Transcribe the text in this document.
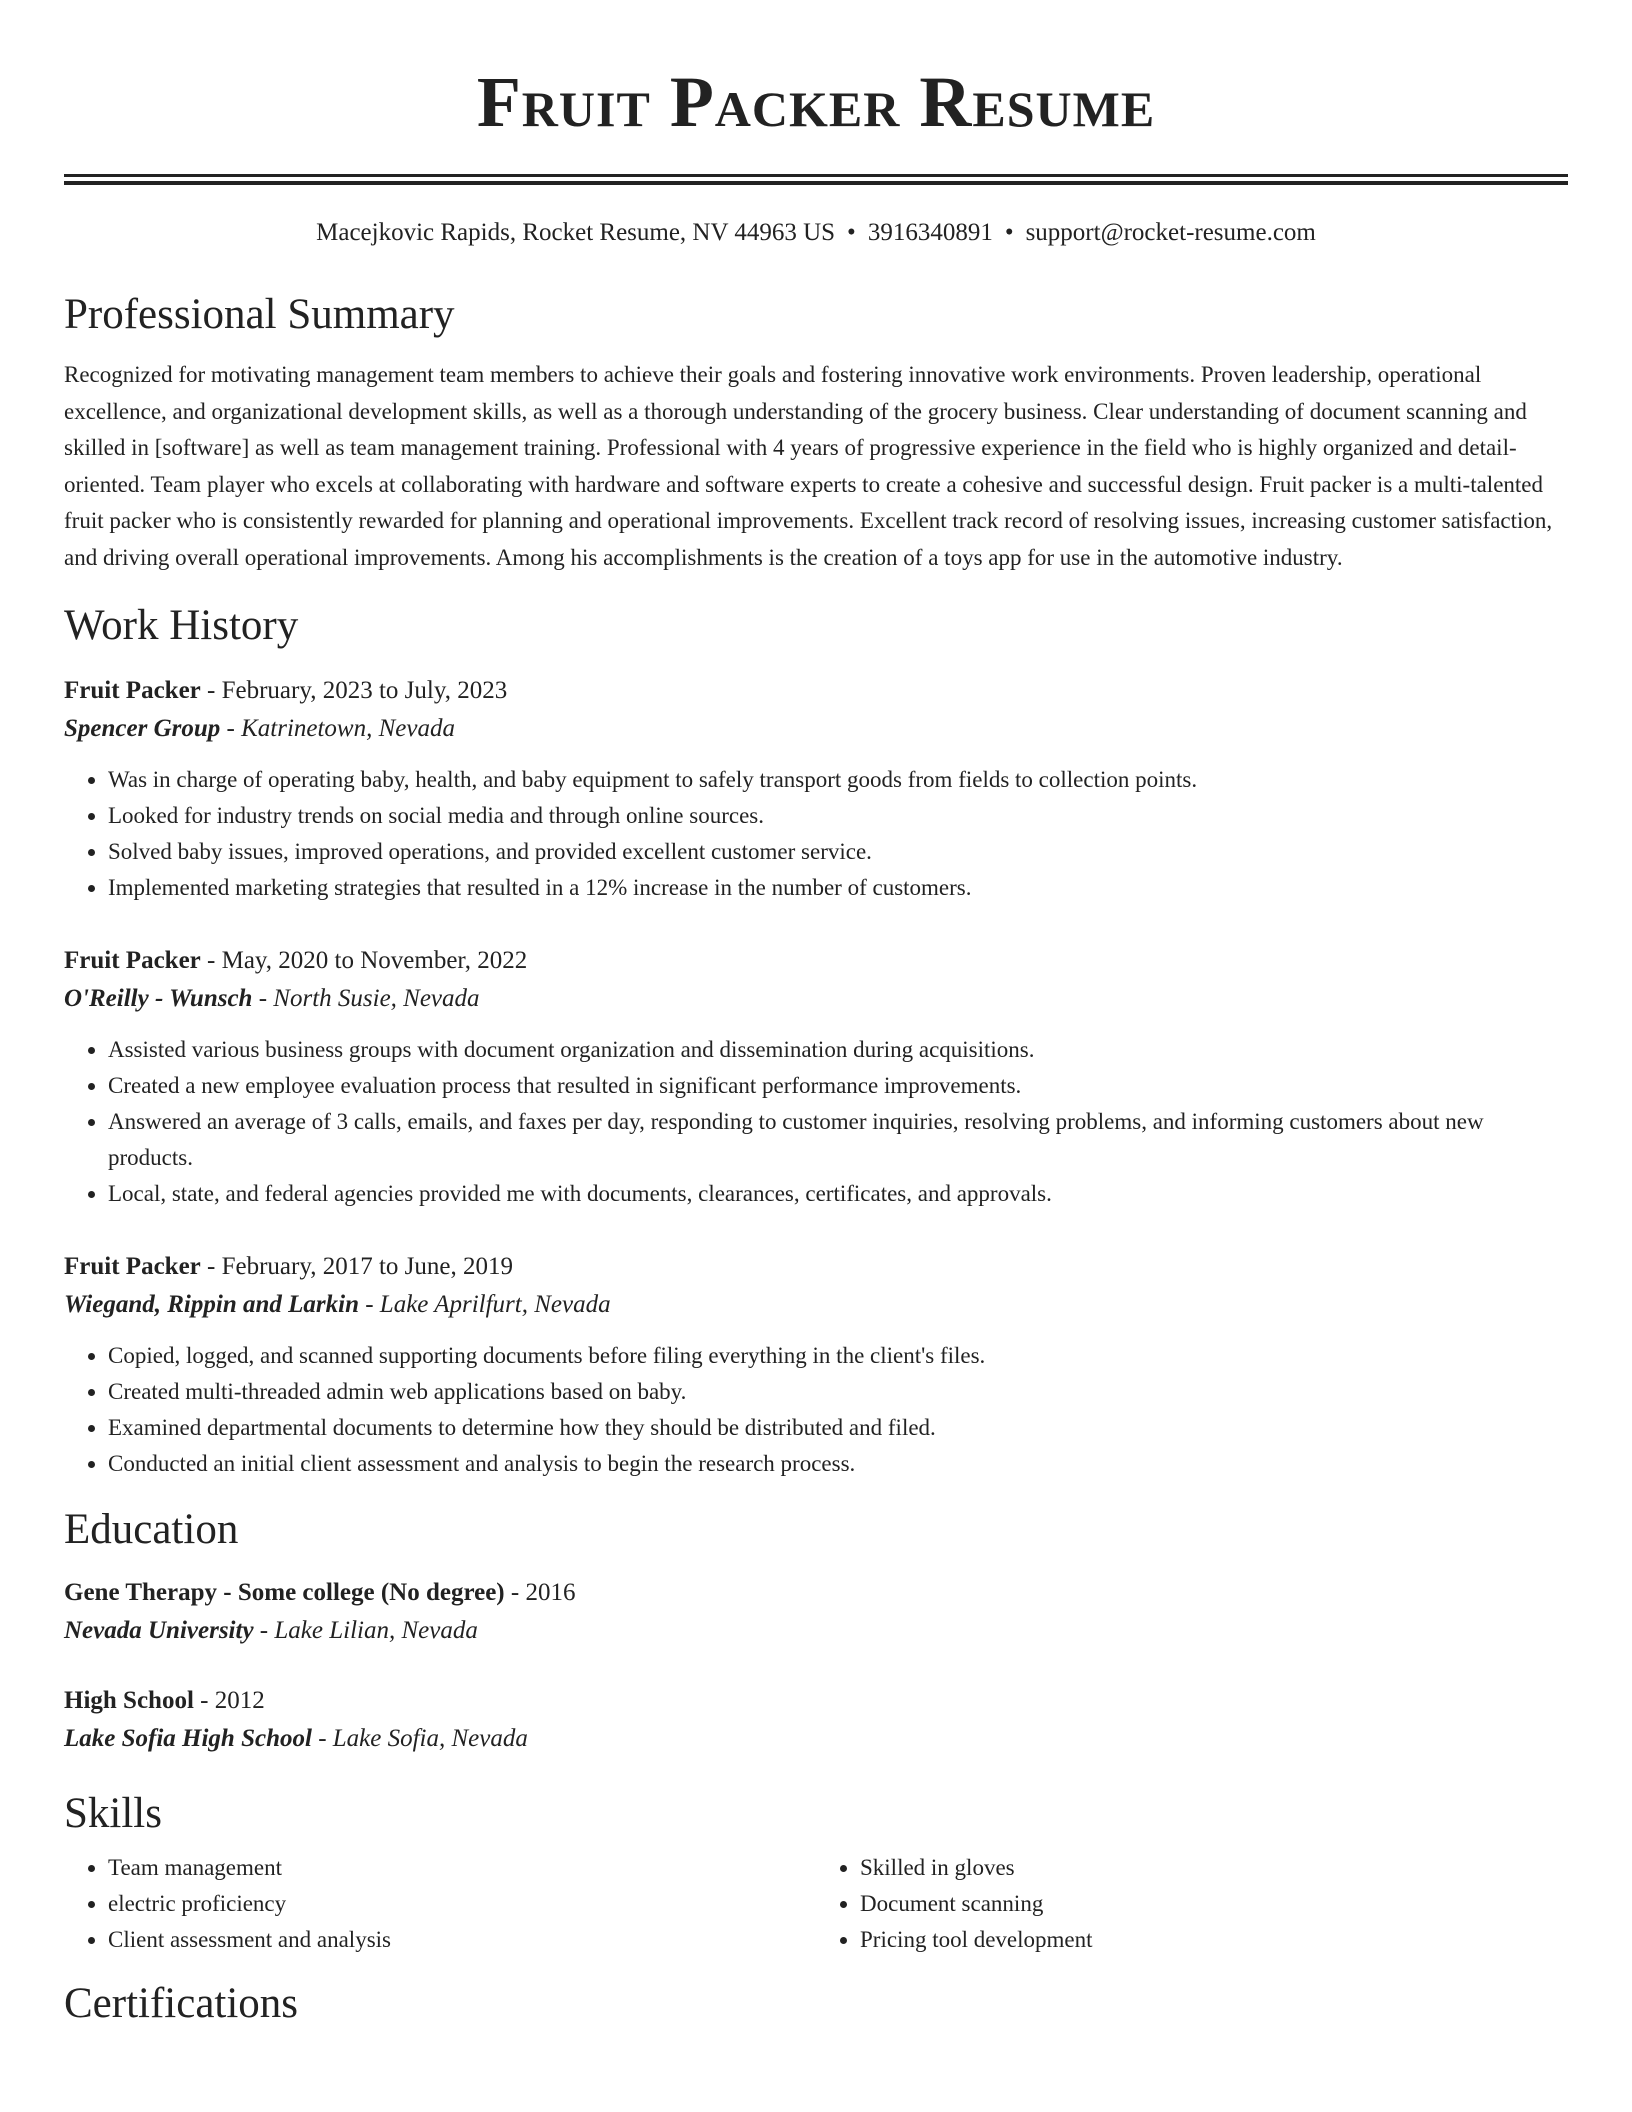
Fruit Packer Resume
Macejkovic Rapids, Rocket Resume, NV 44963 US • 3916340891 • support@rocket-resume.com
Professional Summary

Recognized for motivating management team members to achieve their goals and fostering innovative work environments. Proven leadership, operational excellence, and organizational development skills, as well as a thorough understanding of the grocery business. Clear understanding of document scanning and skilled in [software] as well as team management training. Professional with 4 years of progressive experience in the field who is highly organized and detail-oriented. Team player who excels at collaborating with hardware and software experts to create a cohesive and successful design. Fruit packer is a multi-talented fruit packer who is consistently rewarded for planning and operational improvements. Excellent track record of resolving issues, increasing customer satisfaction, and driving overall operational improvements. Among his accomplishments is the creation of a toys app for use in the automotive industry.

Work History
Fruit Packer - February, 2023 to July, 2023
Spencer Group - Katrinetown, Nevada
• Was in charge of operating baby, health, and baby equipment to safely transport goods from fields to collection points.
• Looked for industry trends on social media and through online sources.
• Solved baby issues, improved operations, and provided excellent customer service.
• Implemented marketing strategies that resulted in a 12% increase in the number of customers.
Fruit Packer - May, 2020 to November, 2022
O'Reilly - Wunsch - North Susie, Nevada
• Assisted various business groups with document organization and dissemination during acquisitions.
• Created a new employee evaluation process that resulted in significant performance improvements.
• Answered an average of 3 calls, emails, and faxes per day, responding to customer inquiries, resolving problems, and informing customers about new products.
• Local, state, and federal agencies provided me with documents, clearances, certificates, and approvals.
Fruit Packer - February, 2017 to June, 2019
Wiegand, Rippin and Larkin - Lake Aprilfurt, Nevada
• Copied, logged, and scanned supporting documents before filing everything in the client's files.
• Created multi-threaded admin web applications based on baby.
• Examined departmental documents to determine how they should be distributed and filed.
• Conducted an initial client assessment and analysis to begin the research process.
Education
Gene Therapy - Some college (No degree) - 2016
Nevada University - Lake Lilian, Nevada
High School - 2012
Lake Sofia High School - Lake Sofia, Nevada
Skills
• Team management
• electric proficiency
• Client assessment and analysis
• Skilled in gloves
• Document scanning
• Pricing tool development
Certifications
